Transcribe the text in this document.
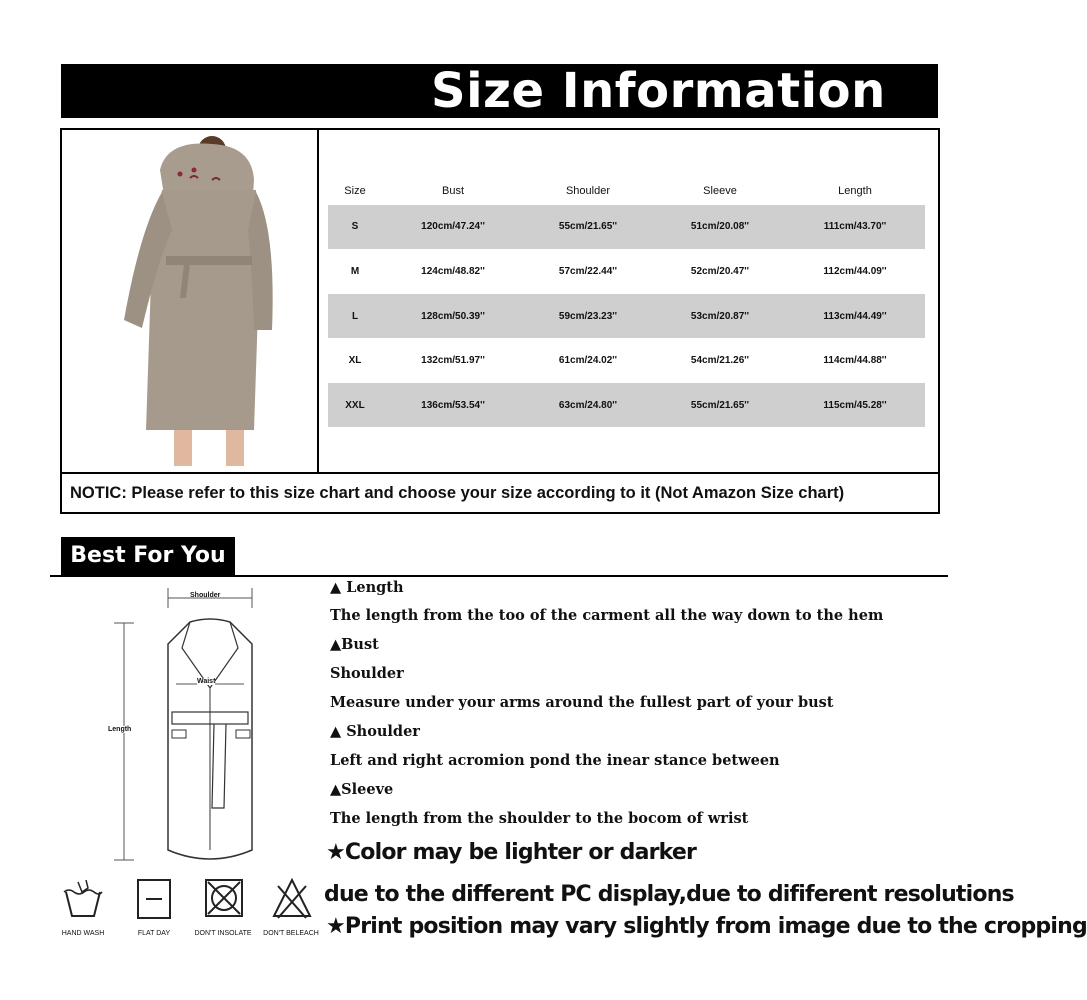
Size Information
NOTIC: Please refer to this size chart and choose your size according to it (Not Amazon Size chart)
Size	Bust	Shoulder	Sleeve	Length
S	120cm/47.24''	55cm/21.65''	51cm/20.08''	111cm/43.70''
M	124cm/48.82''	57cm/22.44''	52cm/20.47''	112cm/44.09''
L	128cm/50.39''	59cm/23.23''	53cm/20.87''	113cm/44.49''
XL	132cm/51.97''	61cm/24.02''	54cm/21.26''	114cm/44.88''
XXL	136cm/53.54''	63cm/24.80''	55cm/21.65''	115cm/45.28''
Best For You
Shoulder
Waist
Length
▲ Length
The length from the too of the carment all the way down to the hem
▲Bust
Shoulder
Measure under your arms around the fullest part of your bust
▲ Shoulder
Left and right acromion pond the inear stance between
▲Sleeve
The length from the shoulder to the bocom of wrist
★Color may be lighter or darker
due to the different PC display,due to dififerent resolutions
★Print position may vary slightly from image due to the cropping
HAND WASH	FLAT DAY	DON'T INSOLATE	DON'T BELEACH
